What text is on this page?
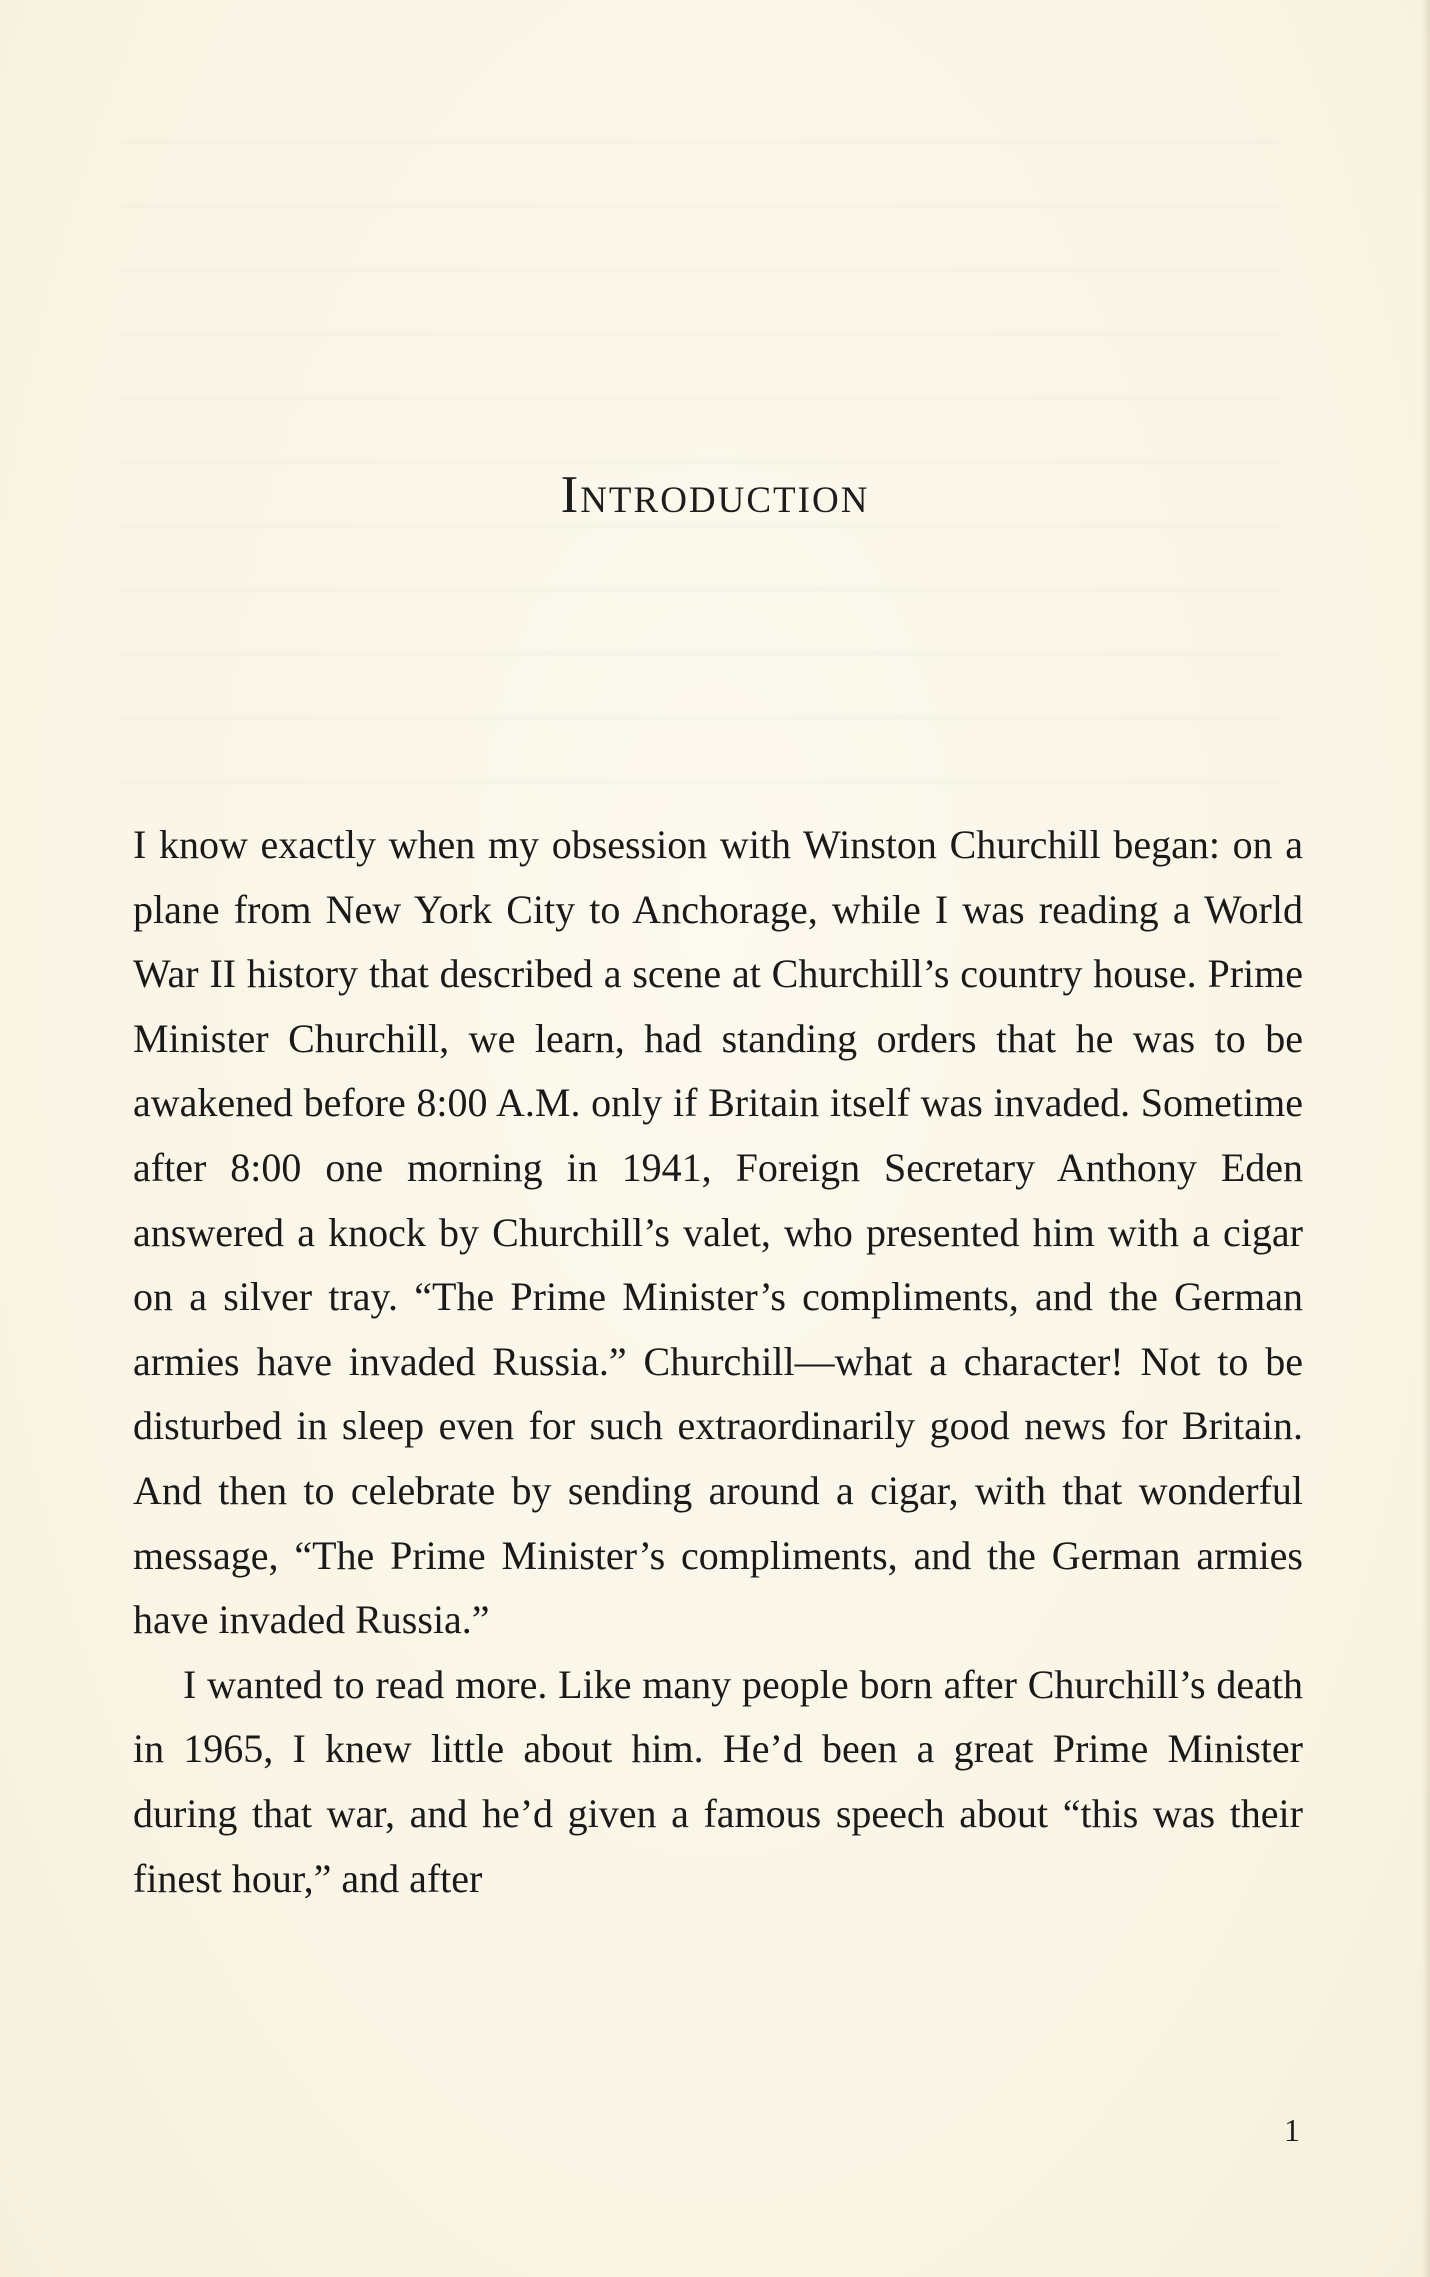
Introduction

I know exactly when my obsession with Winston Churchill began: on a plane from New York City to Anchorage, while I was reading a World War II history that described a scene at Churchill’s country house. Prime Minister Churchill, we learn, had standing orders that he was to be awakened before 8:00 A.M. only if Britain itself was invaded. Sometime after 8:00 one morning in 1941, Foreign Secretary Anthony Eden answered a knock by Churchill’s valet, who presented him with a cigar on a silver tray. “The Prime Minister’s compliments, and the German armies have invaded Russia.” Churchill—what a character! Not to be disturbed in sleep even for such extraordinarily good news for Britain. And then to celebrate by sending around a cigar, with that wonderful message, “The Prime Minister’s compliments, and the German armies have invaded Russia.”

I wanted to read more. Like many people born after Churchill’s death in 1965, I knew little about him. He’d been a great Prime Minister during that war, and he’d given a famous speech about “this was their finest hour,” and after

1
